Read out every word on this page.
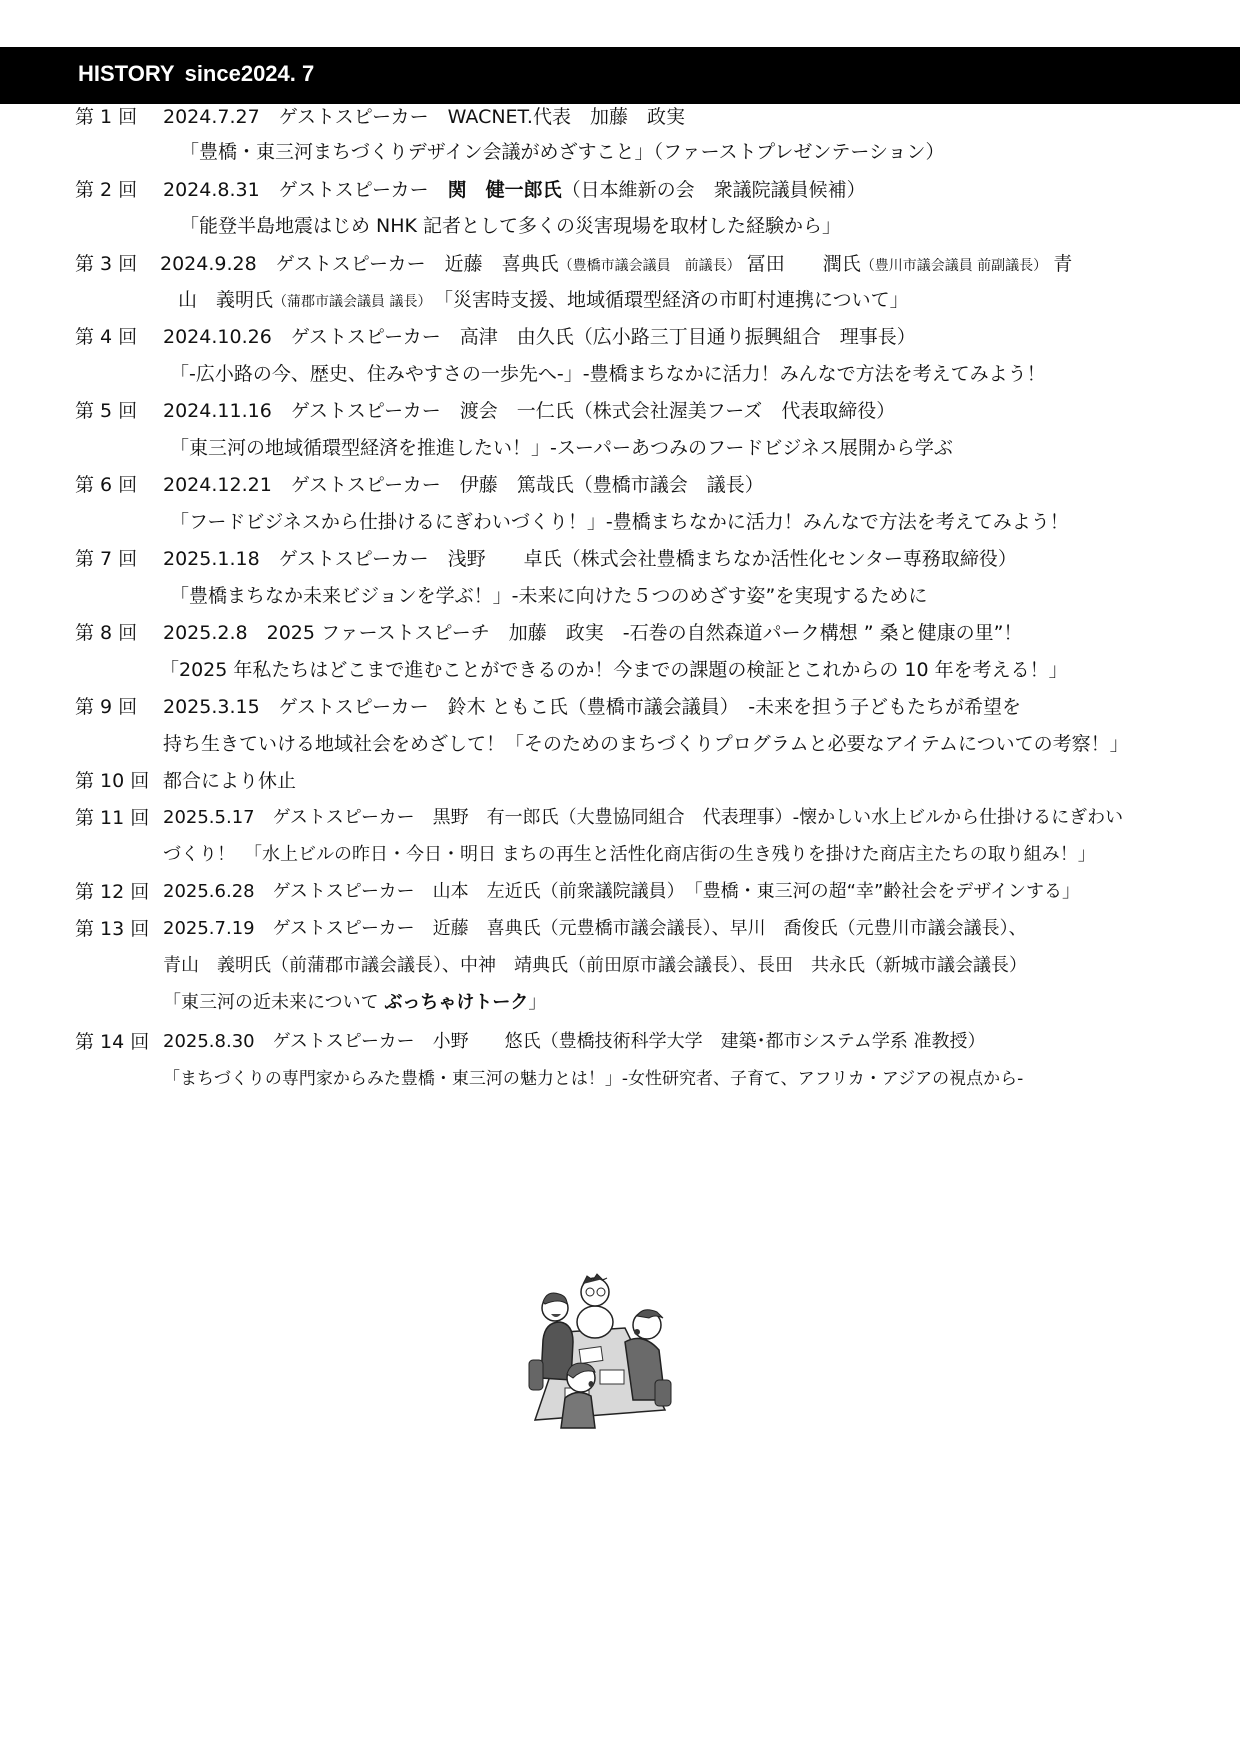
HISTORY since2024. 7
第 1 回 2024.7.27　 ゲストスピーカー　 WACNET.代表　加藤　政実
「豊橋・東三河まちづくりデザイン会議がめざすこと」（ファーストプレゼンテーション）
第 2 回 2024.8.31　 ゲストスピーカー　 関　健一郎氏（日本維新の会　衆議院議員候補）
「能登半島地震はじめ NHK 記者として多くの災害現場を取材した経験から」
第 3 回 2024.9.28　 ゲストスピーカー　 近藤　喜典氏（豊橋市議会議員　前議長） 冨田　　潤氏（豊川市議会議員 前副議長） 青
山　義明氏（蒲郡市議会議員 議長）　 「災害時支援、地域循環型経済の市町村連携について」
第 4 回 2024.10.26　 ゲストスピーカー　 高津　由久氏（広小路三丁目通り振興組合　理事長）
「-広小路の今、歴史、住みやすさの一歩先へ-」-豊橋まちなかに活力！みんなで方法を考えてみよう！
第 5 回 2024.11.16　 ゲストスピーカー　 渡会　一仁氏（株式会社渥美フーズ　代表取締役）
「東三河の地域循環型経済を推進したい！」-スーパーあつみのフードビジネス展開から学ぶ
第 6 回 2024.12.21　 ゲストスピーカー　 伊藤　篤哉氏（豊橋市議会　議長）
「フードビジネスから仕掛けるにぎわいづくり！」-豊橋まちなかに活力！みんなで方法を考えてみよう！
第 7 回 2025.1.18　 ゲストスピーカー　 浅野　　卓氏（株式会社豊橋まちなか活性化センター専務取締役）
「豊橋まちなか未来ビジョンを学ぶ！」-未来に向けた５つのめざす姿”を実現するために
第 8 回 2025.2.8　 2025 ファーストスピーチ　 加藤　政実　 -石巻の自然森道パーク構想 ” 桑と健康の里”！
「2025 年私たちはどこまで進むことができるのか！今までの課題の検証とこれからの 10 年を考える！」
第 9 回 2025.3.15　 ゲストスピーカー　 鈴木 ともこ氏（豊橋市議会議員）　-未来を担う子どもたちが希望を
持ち生きていける地域社会をめざして！「そのためのまちづくりプログラムと必要なアイテムについての考察！」
第 10 回 都合により休止
第 11 回 2025.5.17　 ゲストスピーカー　 黒野　有一郎氏（大豊協同組合　代表理事）-懐かしい水上ビルから仕掛けるにぎわい
づくり！　「水上ビルの昨日・今日・明日 まちの再生と活性化商店街の生き残りを掛けた商店主たちの取り組み！」
第 12 回 2025.6.28　 ゲストスピーカー　 山本　左近氏（前衆議院議員）　「豊橋・東三河の超“幸”齢社会をデザインする」
第 13 回 2025.7.19　 ゲストスピーカー　 近藤　喜典氏（元豊橋市議会議長）、早川　喬俊氏（元豊川市議会議長）、
青山　義明氏（前蒲郡市議会議長）、中神　靖典氏（前田原市議会議長）、長田　共永氏（新城市議会議長）
「東三河の近未来について ぶっちゃけトーク」
第 14 回 2025.8.30　 ゲストスピーカー　 小野　　悠氏（豊橋技術科学大学　建築･都市システム学系 准教授）
「まちづくりの専門家からみた豊橋・東三河の魅力とは！」-女性研究者、子育て、アフリカ・アジアの視点から-
